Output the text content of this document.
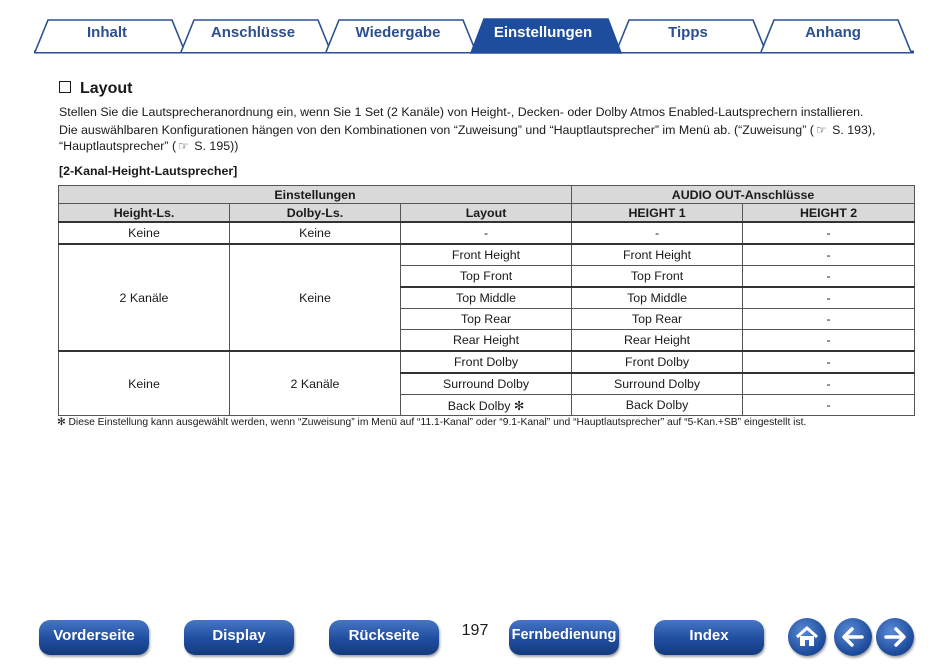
Inhalt	Anschlüsse	Wiedergabe	Einstellungen	Tipps	Anhang
Layout
Stellen Sie die Lautsprecheranordnung ein, wenn Sie 1 Set (2 Kanäle) von Height-, Decken- oder Dolby Atmos Enabled-Lautsprechern installieren.
Die auswählbaren Konfigurationen hängen von den Kombinationen von “Zuweisung” und “Hauptlautsprecher” im Menü ab. (“Zuweisung” ( ☞ S. 193),
“Hauptlautsprecher” ( ☞ S. 195))
[2-Kanal-Height-Lautsprecher]
Einstellungen			AUDIO OUT-Anschlüsse	
Height-Ls.	Dolby-Ls.	Layout	HEIGHT 1	HEIGHT 2
Keine	Keine	-	-	-
2 Kanäle	Keine	Front Height	Front Height	-
		Top Front	Top Front	-
		Top Middle	Top Middle	-
		Top Rear	Top Rear	-
		Rear Height	Rear Height	-
Keine	2 Kanäle	Front Dolby	Front Dolby	-
		Surround Dolby	Surround Dolby	-
		Back Dolby ✻	Back Dolby	-
✻ Diese Einstellung kann ausgewählt werden, wenn “Zuweisung” im Menü auf “11.1-Kanal” oder “9.1-Kanal” und “Hauptlautsprecher” auf “5-Kan.+SB” eingestellt ist.
Vorderseite	Display	Rückseite	197	Fernbedienung	Index
